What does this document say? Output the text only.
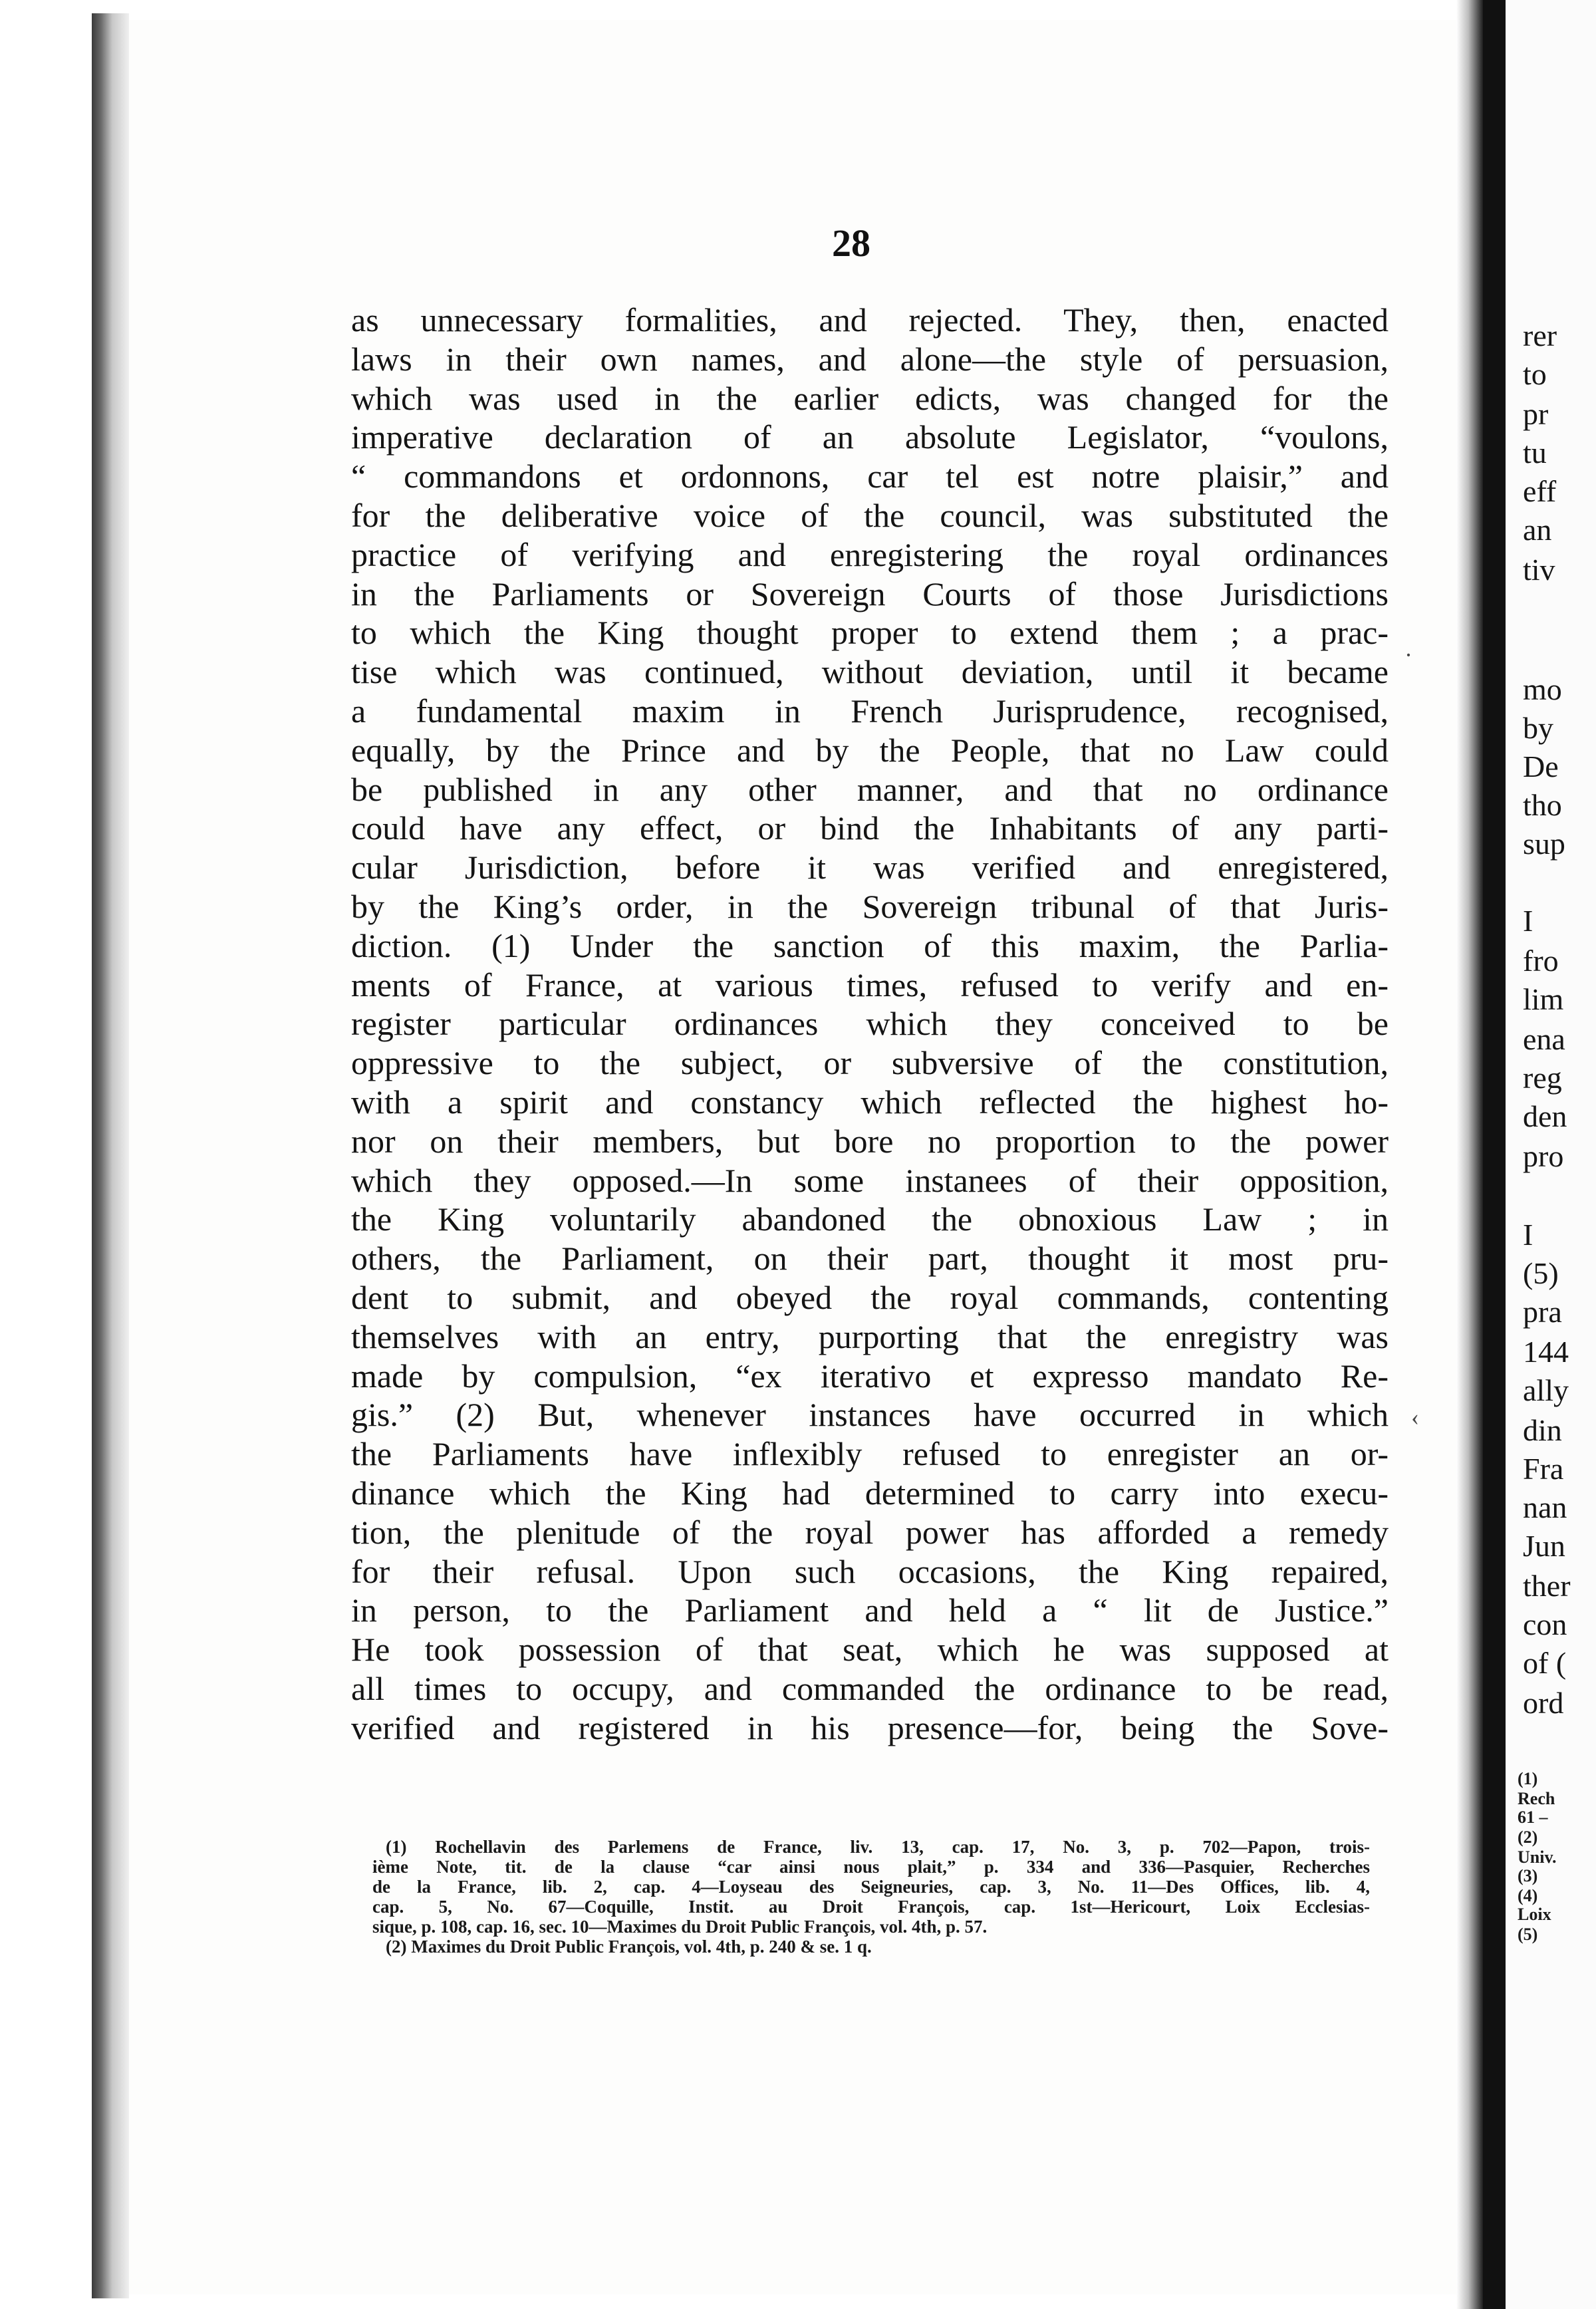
28
as unnecessary formalities, and rejected. They, then, enacted
laws in their own names, and alone—the style of persuasion,
which was used in the earlier edicts, was changed for the
imperative declaration of an absolute Legislator, “voulons,
“ commandons et ordonnons, car tel est notre plaisir,” and
for the deliberative voice of the council, was substituted the
practice of verifying and enregistering the royal ordinances
in the Parliaments or Sovereign Courts of those Jurisdictions
to which the King thought proper to extend them ; a prac-
tise which was continued, without deviation, until it became
a fundamental maxim in French Jurisprudence, recognised,
equally, by the Prince and by the People, that no Law could
be published in any other manner, and that no ordinance
could have any effect, or bind the Inhabitants of any parti-
cular Jurisdiction, before it was verified and enregistered,
by the King’s order, in the Sovereign tribunal of that Juris-
diction. (1) Under the sanction of this maxim, the Parlia-
ments of France, at various times, refused to verify and en-
register particular ordinances which they conceived to be
oppressive to the subject, or subversive of the constitution,
with a spirit and constancy which reflected the highest ho-
nor on their members, but bore no proportion to the power
which they opposed.—In some instanees of their opposition,
the King voluntarily abandoned the obnoxious Law ; in
others, the Parliament, on their part, thought it most pru-
dent to submit, and obeyed the royal commands, contenting
themselves with an entry, purporting that the enregistry was
made by compulsion, “ex iterativo et expresso mandato Re-
gis.” (2) But, whenever instances have occurred in which
the Parliaments have inflexibly refused to enregister an or-
dinance which the King had determined to carry into execu-
tion, the plenitude of the royal power has afforded a remedy
for their refusal. Upon such occasions, the King repaired,
in person, to the Parliament and held a “ lit de Justice.”
He took possession of that seat, which he was supposed at
all times to occupy, and commanded the ordinance to be read,
verified and registered in his presence—for, being the Sove-
(1) Rochellavin des Parlemens de France, liv. 13, cap. 17, No. 3, p. 702—Papon, trois-
ième Note, tit. de la clause “car ainsi nous plait,” p. 334 and 336—Pasquier, Recherches
de la France, lib. 2, cap. 4—Loyseau des Seigneuries, cap. 3, No. 11—Des Offices, lib. 4,
cap. 5, No. 67—Coquille, Instit. au Droit François, cap. 1st—Hericourt, Loix Ecclesias-
sique, p. 108, cap. 16, sec. 10—Maximes du Droit Public François, vol. 4th, p. 57.
(2) Maximes du Droit Public François, vol. 4th, p. 240 & se. 1 q.
rer
to
pr
tu
eff
an
tiv
mo
by
De
tho
sup
I
fro
lim
ena
reg
den
pro
I
(5)
pra
144
ally
din
Fra
nan
Jun
ther
con
of (
ord
(1)
Rech
61 –
(2)
Univ.
(3)
(4)
Loix
(5)
·
‹
